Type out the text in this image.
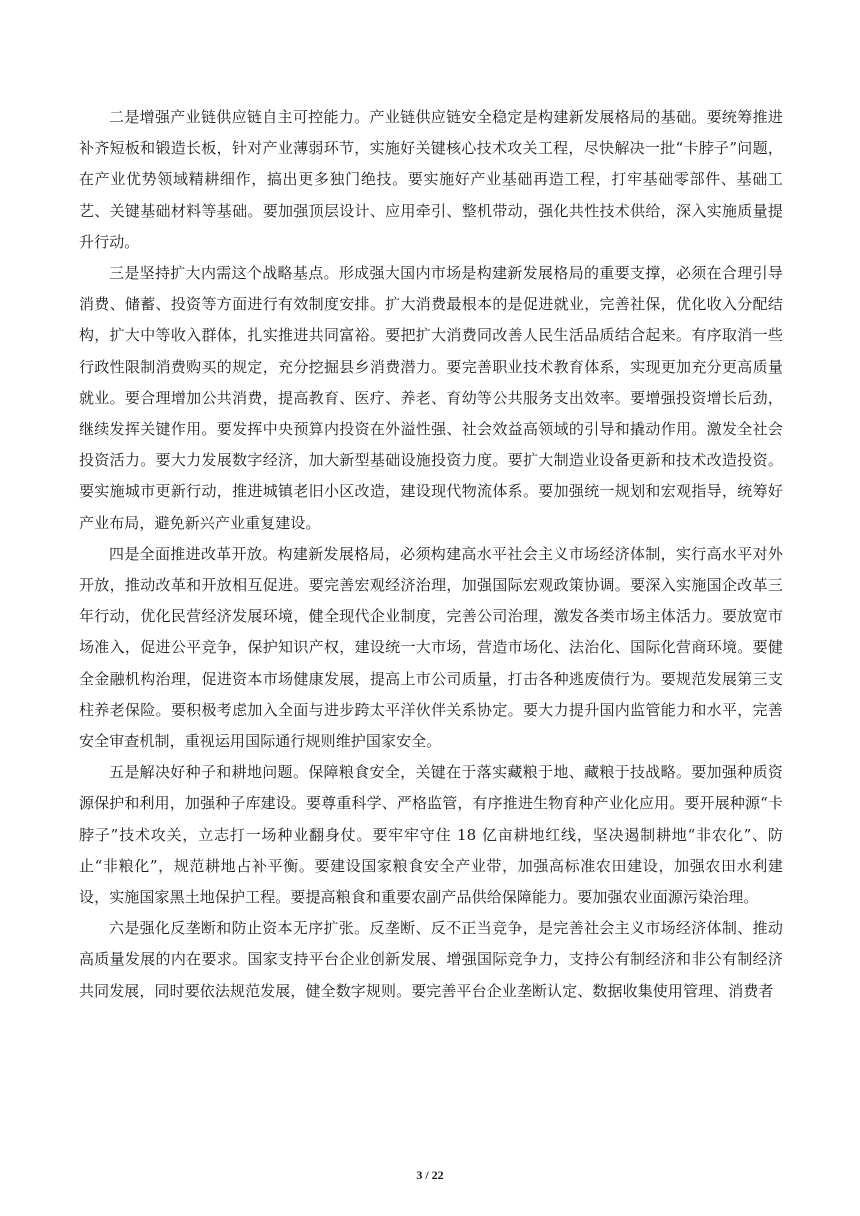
二是增强产业链供应链自主可控能力。产业链供应链安全稳定是构建新发展格局的基础。要统筹推进补齐短板和锻造长板，针对产业薄弱环节，实施好关键核心技术攻关工程，尽快解决一批“卡脖子”问题，在产业优势领域精耕细作，搞出更多独门绝技。要实施好产业基础再造工程，打牢基础零部件、基础工艺、关键基础材料等基础。要加强顶层设计、应用牵引、整机带动，强化共性技术供给，深入实施质量提升行动。

三是坚持扩大内需这个战略基点。形成强大国内市场是构建新发展格局的重要支撑，必须在合理引导消费、储蓄、投资等方面进行有效制度安排。扩大消费最根本的是促进就业，完善社保，优化收入分配结构，扩大中等收入群体，扎实推进共同富裕。要把扩大消费同改善人民生活品质结合起来。有序取消一些行政性限制消费购买的规定，充分挖掘县乡消费潜力。要完善职业技术教育体系，实现更加充分更高质量就业。要合理增加公共消费，提高教育、医疗、养老、育幼等公共服务支出效率。要增强投资增长后劲，继续发挥关键作用。要发挥中央预算内投资在外溢性强、社会效益高领域的引导和撬动作用。激发全社会投资活力。要大力发展数字经济，加大新型基础设施投资力度。要扩大制造业设备更新和技术改造投资。要实施城市更新行动，推进城镇老旧小区改造，建设现代物流体系。要加强统一规划和宏观指导，统筹好产业布局，避免新兴产业重复建设。

四是全面推进改革开放。构建新发展格局，必须构建高水平社会主义市场经济体制，实行高水平对外开放，推动改革和开放相互促进。要完善宏观经济治理，加强国际宏观政策协调。要深入实施国企改革三年行动，优化民营经济发展环境，健全现代企业制度，完善公司治理，激发各类市场主体活力。要放宽市场准入，促进公平竞争，保护知识产权，建设统一大市场，营造市场化、法治化、国际化营商环境。要健全金融机构治理，促进资本市场健康发展，提高上市公司质量，打击各种逃废债行为。要规范发展第三支柱养老保险。要积极考虑加入全面与进步跨太平洋伙伴关系协定。要大力提升国内监管能力和水平，完善安全审查机制，重视运用国际通行规则维护国家安全。

五是解决好种子和耕地问题。保障粮食安全，关键在于落实藏粮于地、藏粮于技战略。要加强种质资源保护和利用，加强种子库建设。要尊重科学、严格监管，有序推进生物育种产业化应用。要开展种源“卡脖子”技术攻关，立志打一场种业翻身仗。要牢牢守住 18 亿亩耕地红线，坚决遏制耕地“非农化”、防止“非粮化”，规范耕地占补平衡。要建设国家粮食安全产业带，加强高标准农田建设，加强农田水利建设，实施国家黑土地保护工程。要提高粮食和重要农副产品供给保障能力。要加强农业面源污染治理。

六是强化反垄断和防止资本无序扩张。反垄断、反不正当竞争，是完善社会主义市场经济体制、推动高质量发展的内在要求。国家支持平台企业创新发展、增强国际竞争力，支持公有制经济和非公有制经济共同发展，同时要依法规范发展，健全数字规则。要完善平台企业垄断认定、数据收集使用管理、消费者

3 / 22
